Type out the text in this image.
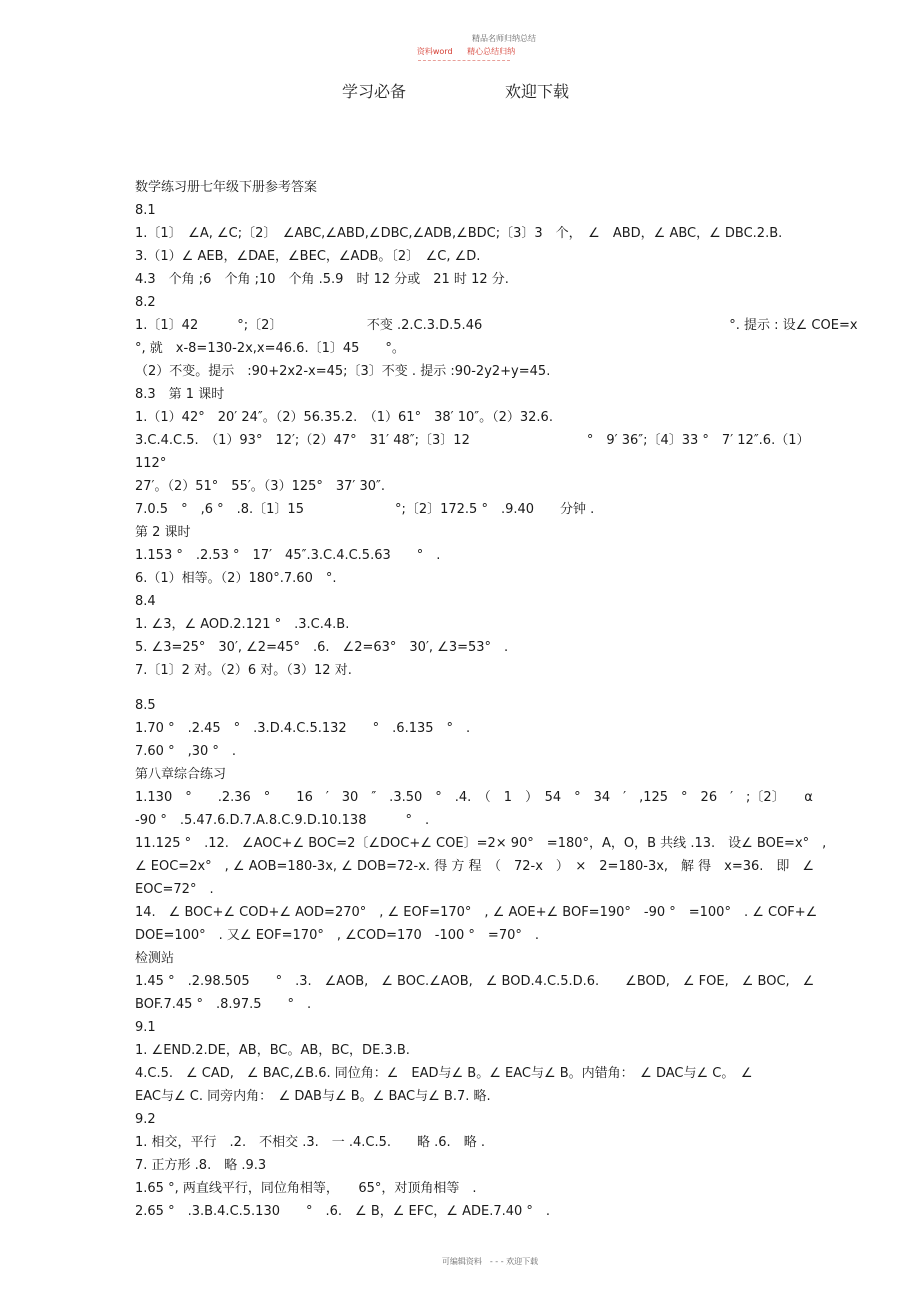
精品名师归纳总结
资料word 精心总结归纳
学习必备	欢迎下载
数学练习册七年级下册参考答案
8.1
1.〔1〕　∠A, ∠C;〔2〕　∠ABC,∠ABD,∠DBC,∠ADB,∠BDC;〔3〕3　个，　∠　ABD，∠ ABC，∠ DBC.2.B.
3.（1）∠ AEB，∠DAE，∠BEC，∠ADB。〔2〕　∠C, ∠D.
4.3　个角 ;6　个角 ;10　个角 .5.9　时 12 分或　21 时 12 分.
8.2
1.〔1〕42　　　°;〔2〕　　　　　　　不变 .2.C.3.D.5.46　　　　　　　　　　　　　　　　　　　°. 提示 : 设∠ COE=x
°, 就　x-8=130-2x,x=46.6.〔1〕45　　°。
（2）不变。提示　:90+2x2-x=45;〔3〕不变 . 提示 :90-2y2+y=45.
8.3　第 1 课时
1.（1）42°　20′ 24″。（2）56.35.2.　（1）61°　38′ 10″。（2）32.6.
3.C.4.C.5.　（1）93°　12′;（2）47°　31′ 48″;〔3〕12　　　　　　　　　°　9′ 36″;〔4〕33 °　7′ 12″.6.（1）
112°
27′。（2）51°　55′。（3）125°　37′ 30″.
7.0.5　°　,6 °　.8.〔1〕15　　　　　　　°;〔2〕172.5 °　.9.40　　分钟 .
第 2 课时
1.153 °　.2.53 °　17′　45″.3.C.4.C.5.63　　°　.
6.（1）相等。（2）180°.7.60　°.
8.4
1. ∠3，∠ AOD.2.121 °　.3.C.4.B.
5. ∠3=25°　30′, ∠2=45°　.6.　∠2=63°　30′, ∠3=53°　.
7.〔1〕2 对。（2）6 对。（3）12 对.
8.5
1.70 °　.2.45　°　.3.D.4.C.5.132　　°　.6.135　°　.
7.60 °　,30 °　.
第八章综合练习
1.130　°　　.2.36　°　　16　′　30　″　.3.50　°　.4.　（　1　）　54　°　34　′　,125　°　26　′　;〔2〕　　α
-90 °　.5.47.6.D.7.A.8.C.9.D.10.138　　　°　.
11.125 °　.12.　∠AOC+∠ BOC=2〔∠DOC+∠ COE〕=2× 90°　=180°，A，O，B 共线 .13.　设∠ BOE=x°　,
∠ EOC=2x°　, ∠ AOB=180-3x, ∠ DOB=72-x. 得 方 程　（　72-x　）　×　2=180-3x,　解 得　x=36.　即　∠
EOC=72°　.
14.　∠ BOC+∠ COD+∠ AOD=270°　, ∠ EOF=170°　, ∠ AOE+∠ BOF=190°　-90 °　=100°　. ∠ COF+∠
DOE=100°　. 又∠ EOF=170°　, ∠COD=170　-100 °　=70°　.
检测站
1.45 °　.2.98.505　　°　.3.　∠AOB,　∠ BOC.∠AOB,　∠ BOD.4.C.5.D.6.　　∠BOD,　∠ FOE,　∠ BOC,　∠
BOF.7.45 °　.8.97.5　　°　.
9.1
1. ∠END.2.DE，AB，BC。AB，BC，DE.3.B.
4.C.5.　∠ CAD,　∠ BAC,∠B.6. 同位角：∠　EAD与∠ B。∠ EAC与∠ B。内错角：　∠ DAC与∠ C。　∠
EAC与∠ C. 同旁内角：　∠ DAB与∠ B。∠ BAC与∠ B.7. 略.
9.2
1. 相交，平行　.2.　不相交 .3.　一 .4.C.5.　　略 .6.　略 .
7. 正方形 .8.　略 .9.3
1.65 °, 两直线平行，同位角相等，　　65°，对顶角相等　.
2.65 °　.3.B.4.C.5.130　　°　.6.　∠ B，∠ EFC，∠ ADE.7.40 °　.
可编辑资料　- - - 欢迎下载
